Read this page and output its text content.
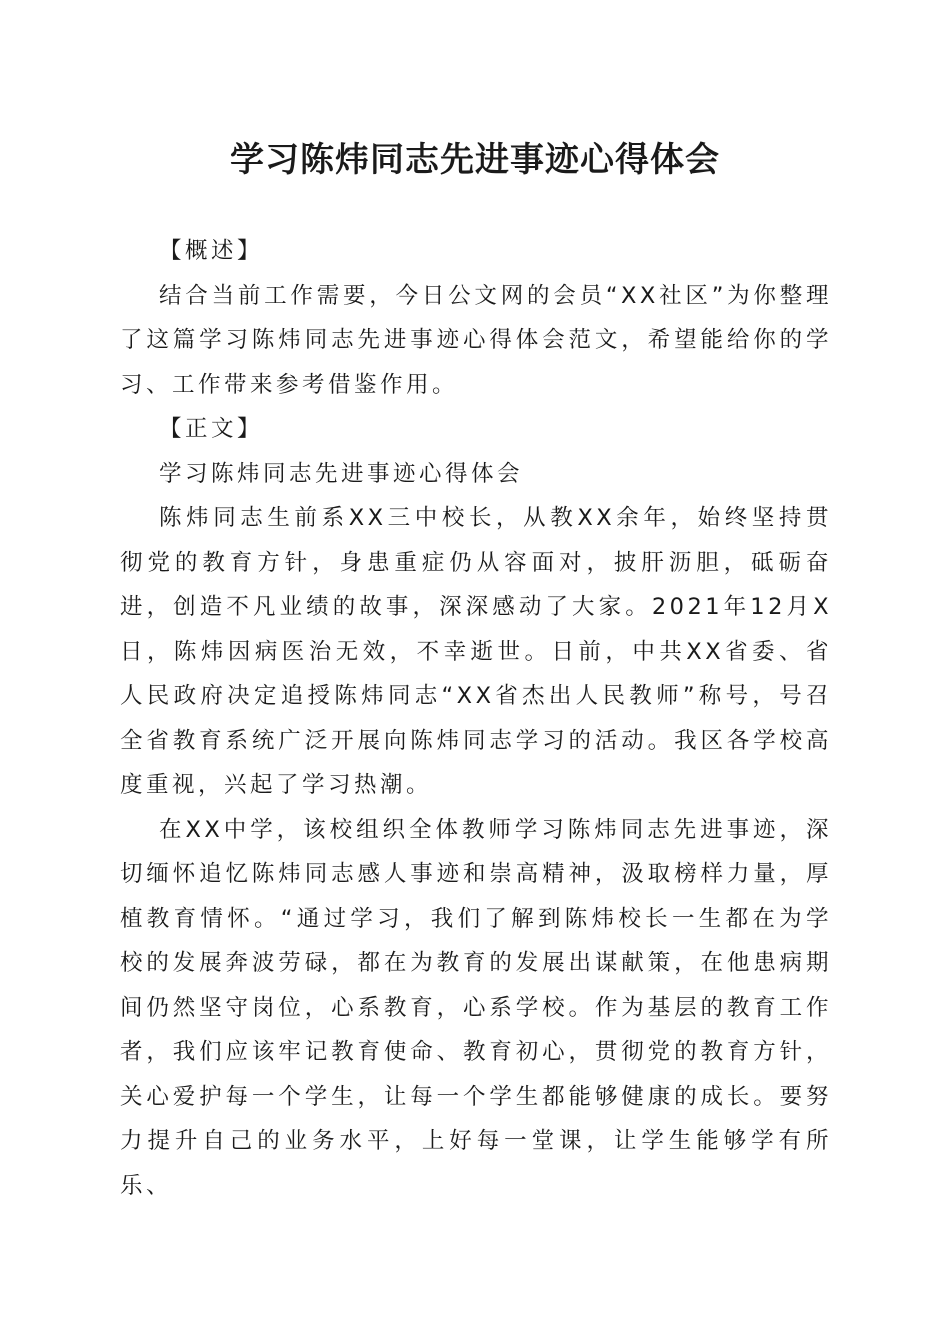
学习陈炜同志先进事迹心得体会

【概述】

结合当前工作需要，今日公文网的会员“XX社区”为你整理了这篇学习陈炜同志先进事迹心得体会范文，希望能给你的学习、工作带来参考借鉴作用。

【正文】

学习陈炜同志先进事迹心得体会

陈炜同志生前系XX三中校长，从教XX余年，始终坚持贯彻党的教育方针，身患重症仍从容面对，披肝沥胆，砥砺奋进，创造不凡业绩的故事，深深感动了大家。2021年12月X日，陈炜因病医治无效，不幸逝世。日前，中共XX省委、省人民政府决定追授陈炜同志“XX省杰出人民教师”称号，号召全省教育系统广泛开展向陈炜同志学习的活动。我区各学校高度重视，兴起了学习热潮。

在XX中学，该校组织全体教师学习陈炜同志先进事迹，深切缅怀追忆陈炜同志感人事迹和崇高精神，汲取榜样力量，厚植教育情怀。“通过学习，我们了解到陈炜校长一生都在为学校的发展奔波劳碌，都在为教育的发展出谋献策，在他患病期间仍然坚守岗位，心系教育，心系学校。作为基层的教育工作者，我们应该牢记教育使命、教育初心，贯彻党的教育方针，关心爱护每一个学生，让每一个学生都能够健康的成长。要努力提升自己的业务水平，上好每一堂课，让学生能够学有所乐、
